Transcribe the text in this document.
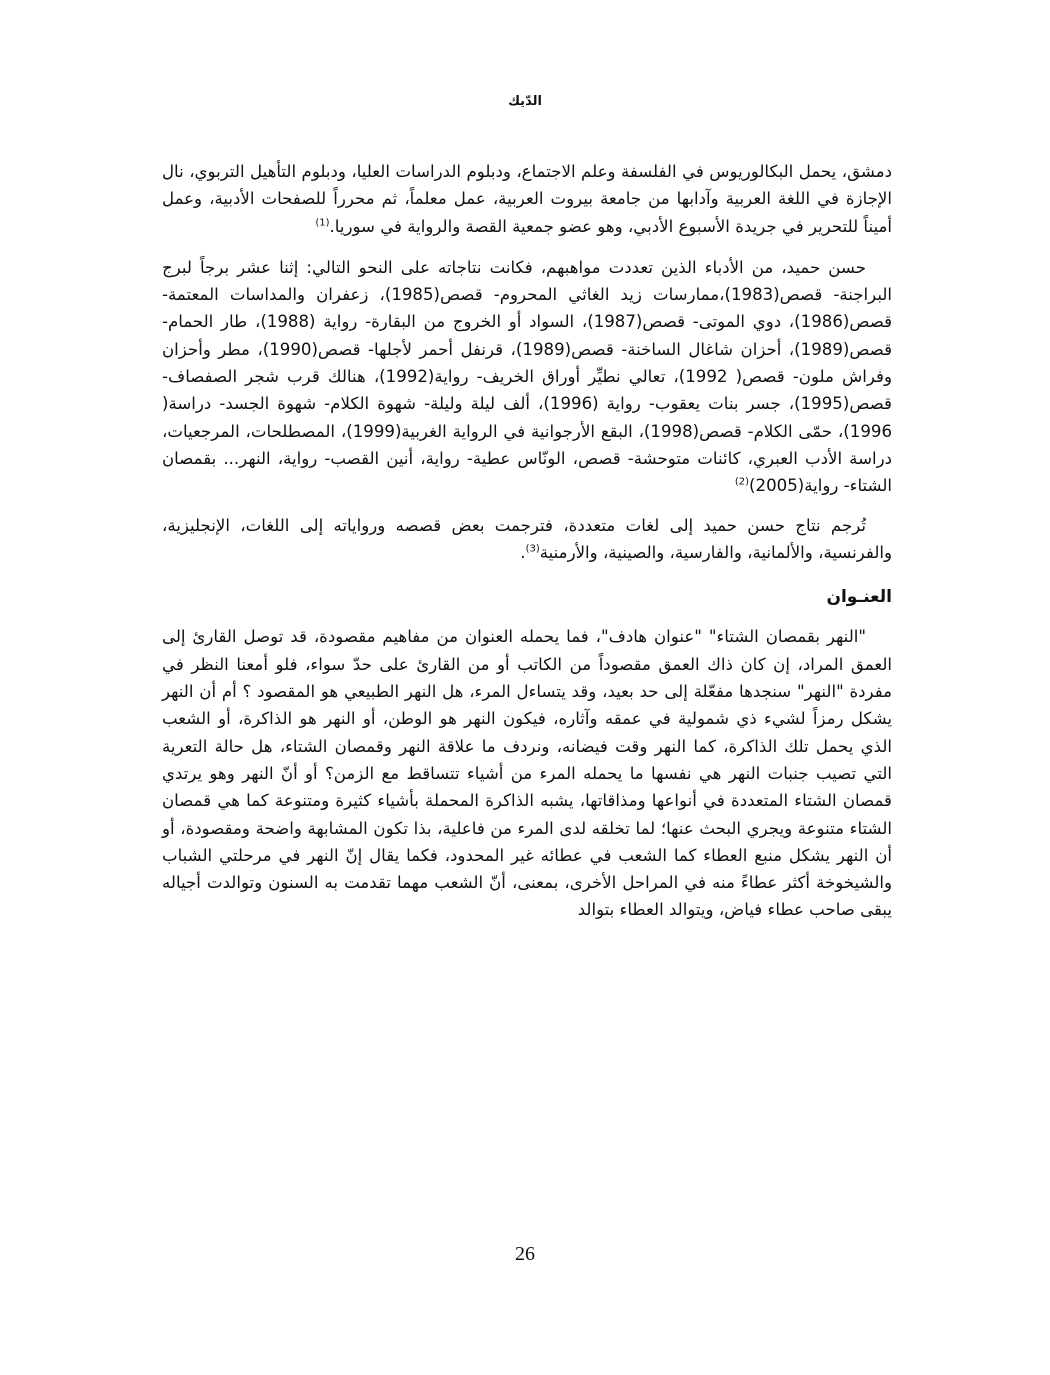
الدّيك

دمشق، يحمل البكالوريوس في الفلسفة وعلم الاجتماع، ودبلوم الدراسات العليا، ودبلوم التأهيل التربوي، نال الإجازة في اللغة العربية وآدابها من جامعة بيروت العربية، عمل معلماً، ثم محرراً للصفحات الأدبية، وعمل أميناً للتحرير في جريدة الأسبوع الأدبي، وهو عضو جمعية القصة والرواية في سوريا.$^{(1)}$

حسن حميد، من الأدباء الذين تعددت مواهبهم، فكانت نتاجاته على النحو التالي: إثنا عشر برجاً لبرج البراجنة- قصص(1983)،ممارسات زيد الغاثي المحروم- قصص(1985)، زعفران والمداسات المعتمة- قصص(1986)، دوي الموتى- قصص(1987)، السواد أو الخروج من البقارة- رواية (1988)، طار الحمام- قصص(1989)، أحزان شاغال الساخنة- قصص(1989)، قرنفل أحمر لأجلها- قصص(1990)، مطر وأحزان وفراش ملون- قصص( 1992)، تعالي نطيِّر أوراق الخريف- رواية(1992)، هنالك قرب شجر الصفصاف- قصص(1995)، جسر بنات يعقوب- رواية (1996)، ألف ليلة وليلة- شهوة الكلام- شهوة الجسد- دراسة( 1996)، حمّى الكلام- قصص(1998)، البقع الأرجوانية في الرواية الغربية(1999)، المصطلحات، المرجعيات، دراسة الأدب العبري، كائنات متوحشة- قصص، الونّاس عطية- رواية، أنين القصب- رواية، النهر... بقمصان الشتاء- رواية(2005)$^{(2)}$

تُرجم نتاج حسن حميد إلى لغات متعددة، فترجمت بعض قصصه ورواياته إلى اللغات، الإنجليزية، والفرنسية، والألمانية، والفارسية، والصينية، والأرمنية$^{(3)}$.

العنـوان

"النهر بقمصان الشتاء" "عنوان هادف"، فما يحمله العنوان من مفاهيم مقصودة، قد توصل القارئ إلى العمق المراد، إن كان ذاك العمق مقصوداً من الكاتب أو من القارئ على حدّ سواء، فلو أمعنا النظر في مفردة "النهر" سنجدها مفعّلة إلى حد بعيد، وقد يتساءل المرء، هل النهر الطبيعي هو المقصود ؟ أم أن النهر يشكل رمزاً لشيء ذي شمولية في عمقه وآثاره، فيكون النهر هو الوطن، أو النهر هو الذاكرة، أو الشعب الذي يحمل تلك الذاكرة، كما النهر وقت فيضانه، ونردف ما علاقة النهر وقمصان الشتاء، هل حالة التعرية التي تصيب جنبات النهر هي نفسها ما يحمله المرء من أشياء تتساقط مع الزمن؟ أو أنّ النهر وهو يرتدي قمصان الشتاء المتعددة في أنواعها ومذاقاتها، يشبه الذاكرة المحملة بأشياء كثيرة ومتنوعة كما هي قمصان الشتاء متنوعة ويجري البحث عنها؛ لما تخلقه لدى المرء من فاعلية، بذا تكون المشابهة واضحة ومقصودة، أو أن النهر يشكل منبع العطاء كما الشعب في عطائه غير المحدود، فكما يقال إنّ النهر في مرحلتي الشباب والشيخوخة أكثر عطاءً منه في المراحل الأخرى، بمعنى، أنّ الشعب مهما تقدمت به السنون وتوالدت أجياله يبقى صاحب عطاء فياض، ويتوالد العطاء بتوالد

26
